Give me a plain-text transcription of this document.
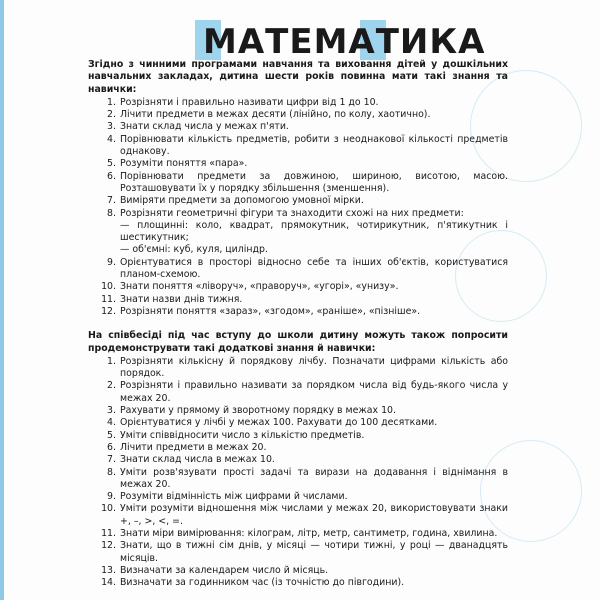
МАТЕМАТИКА

Згідно з чинними програмами навчання та виховання дітей у дошкільних навчальних закладах, дитина шести років повинна мати такі знання та навички:

1. Розрізняти і правильно називати цифри від 1 до 10.
2. Лічити предмети в межах десяти (лінійно, по колу, хаотично).
3. Знати склад числа у межах п'яти.
4. Порівнювати кількість предметів, робити з неоднакової кількості предметів однакову.
5. Розуміти поняття «пара».
6. Порівнювати предмети за довжиною, шириною, висотою, масою. Розташовувати їх у порядку збільшення (зменшення).
7. Виміряти предмети за допомогою умовної мірки.
8. Розрізняти геометричні фігури та знаходити схожі на них предмети:
— площинні: коло, квадрат, прямокутник, чотирикутник, п'ятикутник і шестикутник;
— об'ємні: куб, куля, циліндр.
9. Орієнтуватися в просторі відносно себе та інших об'єктів, користуватися планом-схемою.
10. Знати поняття «ліворуч», «праворуч», «угорі», «унизу».
11. Знати назви днів тижня.
12. Розрізняти поняття «зараз», «згодом», «раніше», «пізніше».

На співбесіді під час вступу до школи дитину можуть також попросити продемонструвати такі додаткові знання й навички:

1. Розрізняти кількісну й порядкову лічбу. Позначати цифрами кількість або порядок.
2. Розрізняти і правильно називати за порядком числа від будь-якого числа у межах 20.
3. Рахувати у прямому й зворотному порядку в межах 10.
4. Орієнтуватися у лічбі у межах 100. Рахувати до 100 десятками.
5. Уміти співвідносити число з кількістю предметів.
6. Лічити предмети в межах 20.
7. Знати склад числа в межах 10.
8. Уміти розв'язувати прості задачі та вирази на додавання і віднімання в межах 20.
9. Розуміти відмінність між цифрами й числами.
10. Уміти розуміти відношення між числами у межах 20, використовувати знаки +, –, >, <, =.
11. Знати міри вимірювання: кілограм, літр, метр, сантиметр, година, хвилина.
12. Знати, що в тижні сім днів, у місяці — чотири тижні, у році — дванадцять місяців.
13. Визначати за календарем число й місяць.
14. Визначати за годинником час (із точністю до півгодини).
